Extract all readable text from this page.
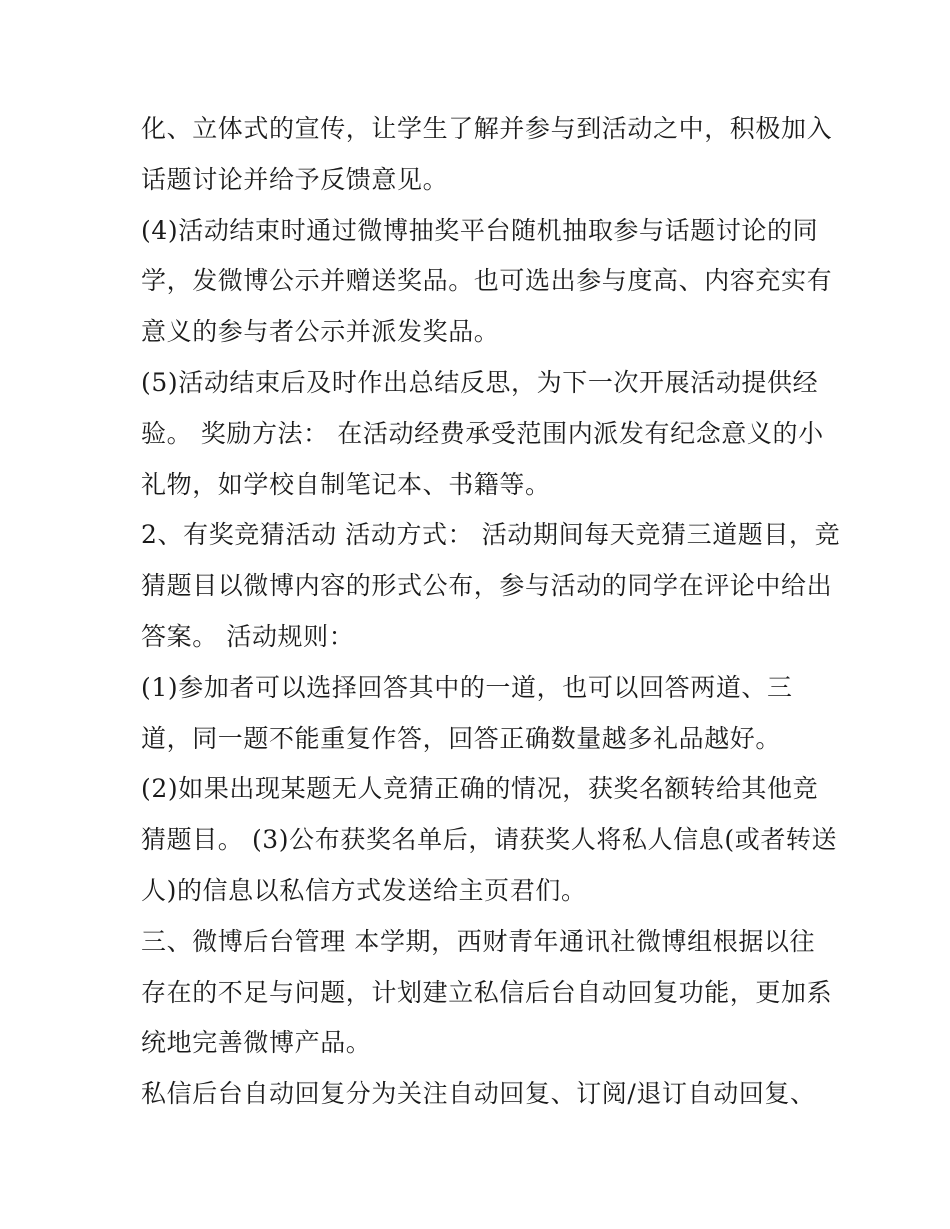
化、立体式的宣传，让学生了解并参与到活动之中，积极加入
话题讨论并给予反馈意见。
(4)活动结束时通过微博抽奖平台随机抽取参与话题讨论的同
学，发微博公示并赠送奖品。也可选出参与度高、内容充实有
意义的参与者公示并派发奖品。
(5)活动结束后及时作出总结反思，为下一次开展活动提供经
验。 奖励方法： 在活动经费承受范围内派发有纪念意义的小
礼物，如学校自制笔记本、书籍等。
2、有奖竞猜活动 活动方式： 活动期间每天竞猜三道题目，竞
猜题目以微博内容的形式公布，参与活动的同学在评论中给出
答案。 活动规则：
(1)参加者可以选择回答其中的一道，也可以回答两道、三
道，同一题不能重复作答，回答正确数量越多礼品越好。
(2)如果出现某题无人竞猜正确的情况，获奖名额转给其他竞
猜题目。 (3)公布获奖名单后，请获奖人将私人信息(或者转送
人)的信息以私信方式发送给主页君们。
三、微博后台管理 本学期，西财青年通讯社微博组根据以往
存在的不足与问题，计划建立私信后台自动回复功能，更加系
统地完善微博产品。
私信后台自动回复分为关注自动回复、订阅/退订自动回复、
